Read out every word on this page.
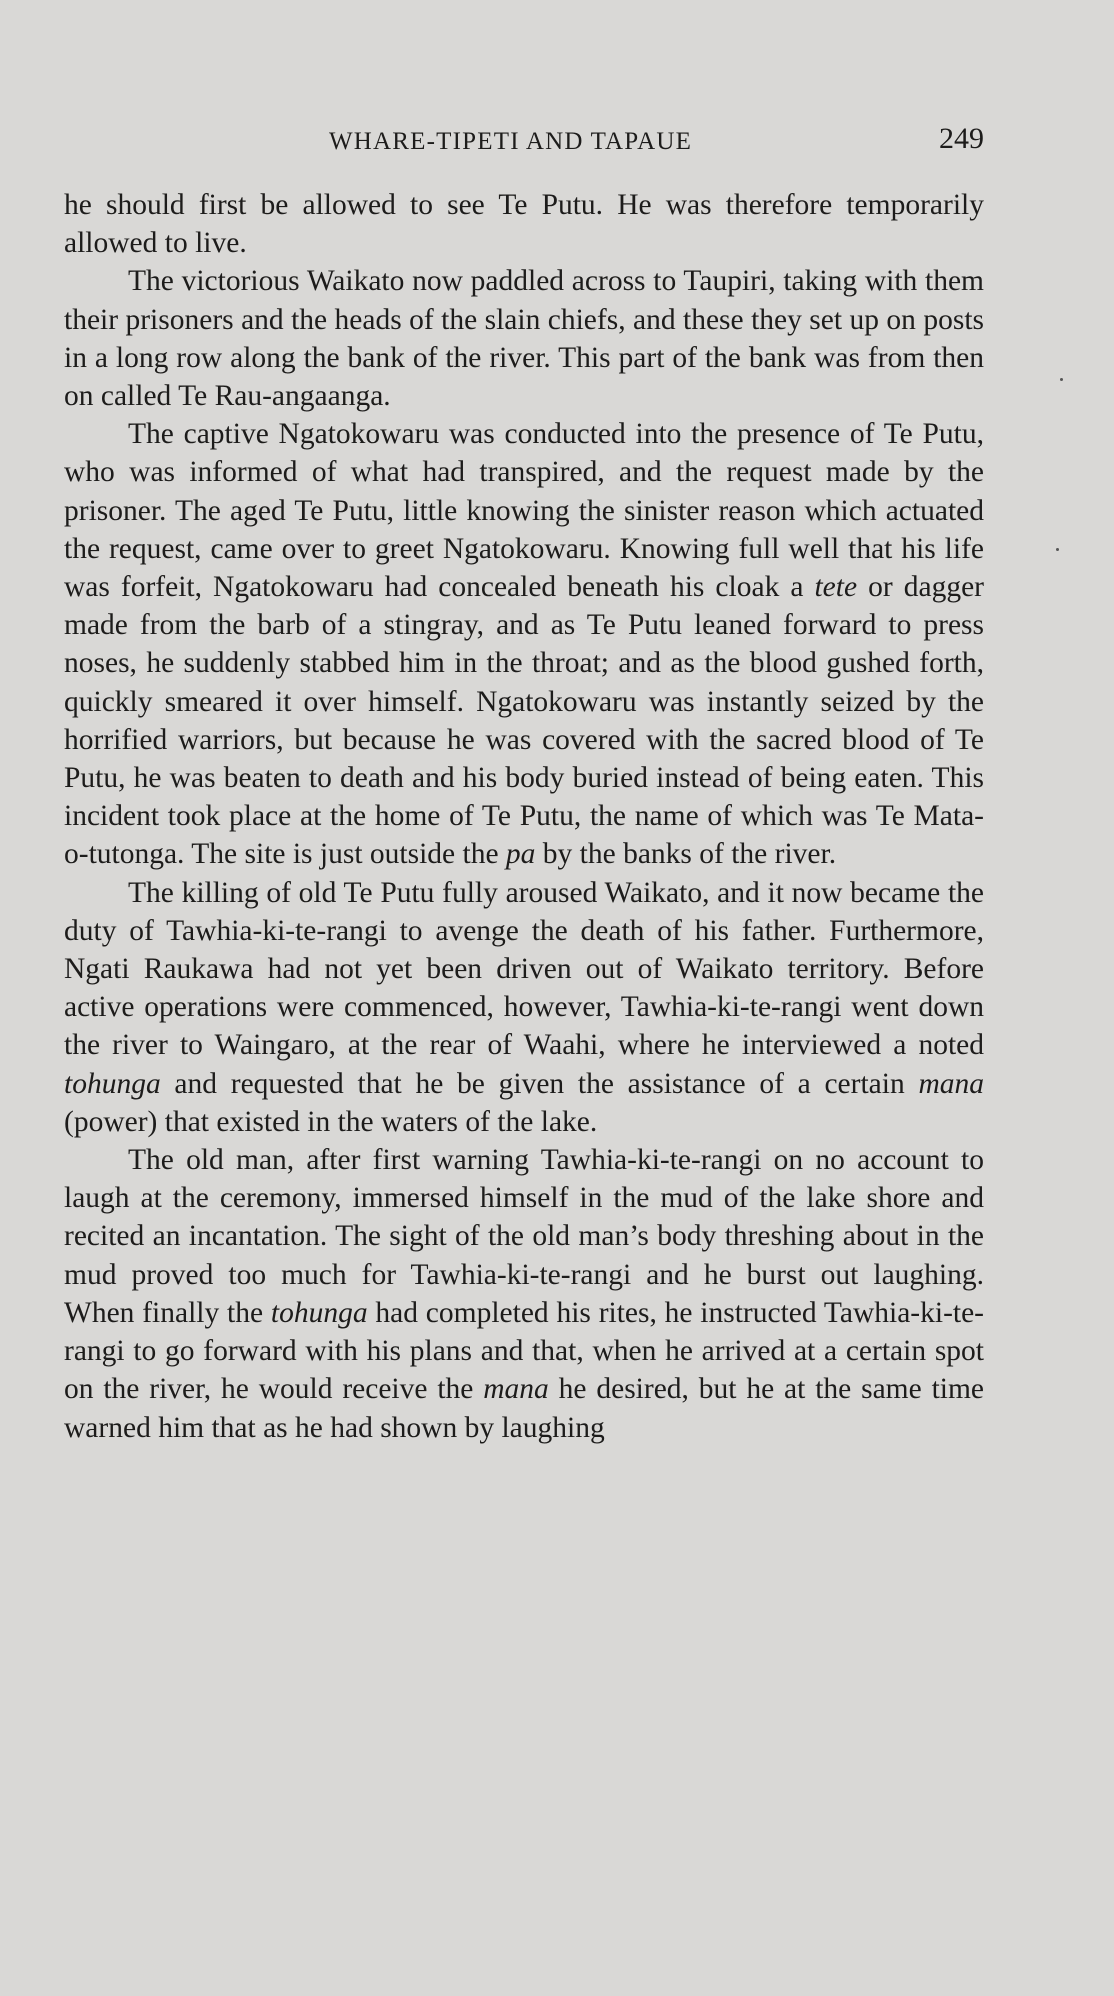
WHARE-TIPETI AND TAPAUE	249

he should first be allowed to see Te Putu. He was therefore temporarily allowed to live.

The victorious Waikato now paddled across to Taupiri, taking with them their prisoners and the heads of the slain chiefs, and these they set up on posts in a long row along the bank of the river. This part of the bank was from then on called Te Rau-angaanga.

The captive Ngatokowaru was conducted into the presence of Te Putu, who was informed of what had transpired, and the request made by the prisoner. The aged Te Putu, little knowing the sinister reason which actuated the request, came over to greet Ngatokowaru. Knowing full well that his life was forfeit, Ngatokowaru had concealed beneath his cloak a tete or dagger made from the barb of a stingray, and as Te Putu leaned forward to press noses, he suddenly stabbed him in the throat; and as the blood gushed forth, quickly smeared it over himself. Ngatokowaru was instantly seized by the horrified warriors, but because he was covered with the sacred blood of Te Putu, he was beaten to death and his body buried instead of being eaten. This incident took place at the home of Te Putu, the name of which was Te Mata-o-tutonga. The site is just outside the pa by the banks of the river.

The killing of old Te Putu fully aroused Waikato, and it now became the duty of Tawhia-ki-te-rangi to avenge the death of his father. Furthermore, Ngati Raukawa had not yet been driven out of Waikato territory. Before active operations were commenced, however, Tawhia-ki-te-rangi went down the river to Waingaro, at the rear of Waahi, where he interviewed a noted tohunga and requested that he be given the assistance of a certain mana (power) that existed in the waters of the lake.

The old man, after first warning Tawhia-ki-te-rangi on no account to laugh at the ceremony, immersed himself in the mud of the lake shore and recited an incantation. The sight of the old man’s body threshing about in the mud proved too much for Tawhia-ki-te-rangi and he burst out laughing. When finally the tohunga had completed his rites, he instructed Tawhia-ki-te-rangi to go forward with his plans and that, when he arrived at a certain spot on the river, he would receive the mana he desired, but he at the same time warned him that as he had shown by laughing
